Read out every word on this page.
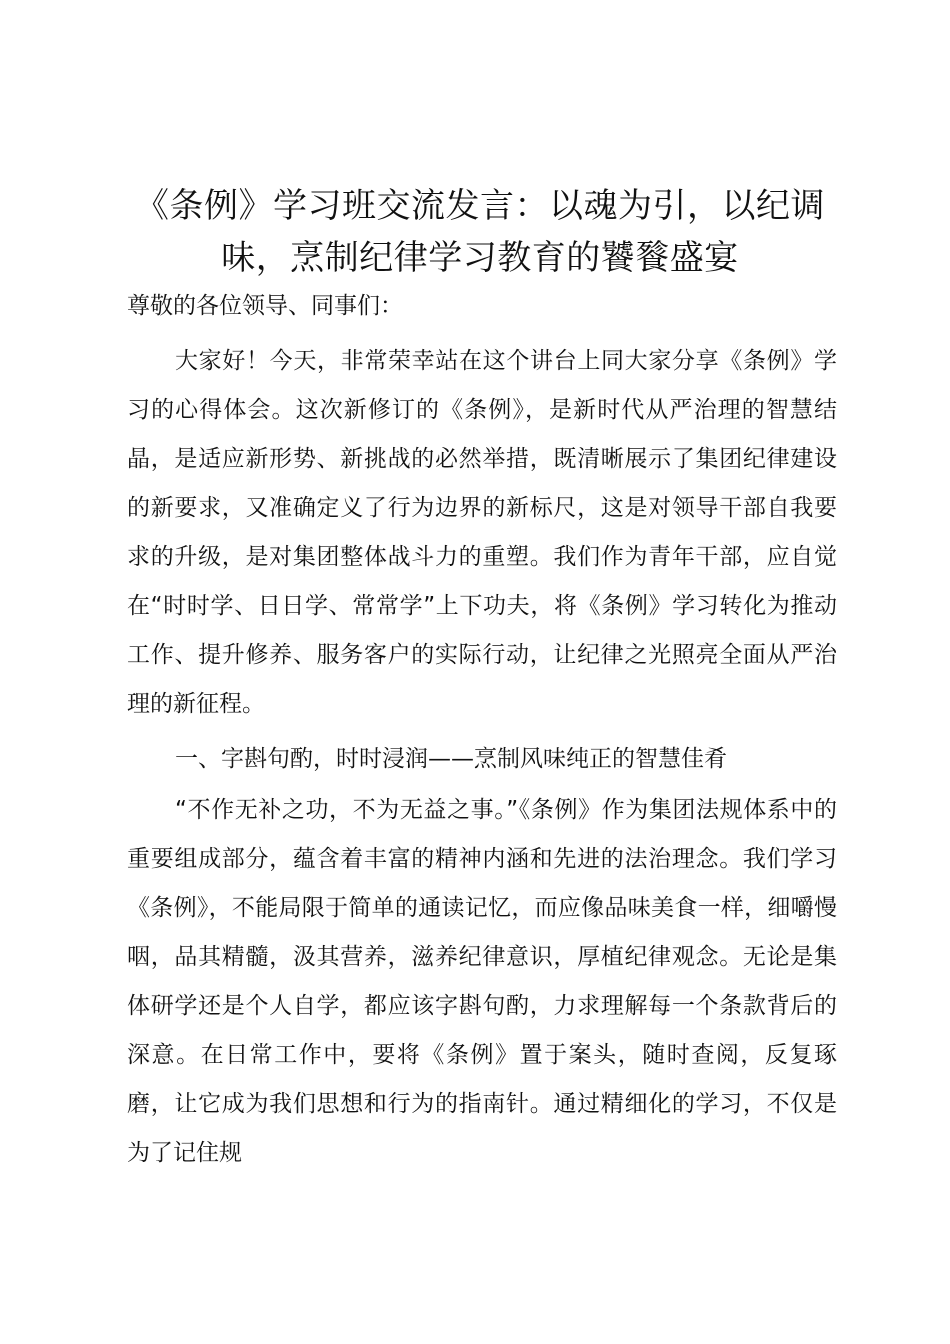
《条例》学习班交流发言：以魂为引，以纪调
味，烹制纪律学习教育的饕餮盛宴

尊敬的各位领导、同事们：

大家好！今天，非常荣幸站在这个讲台上同大家分享《条例》学习的心得体会。这次新修订的《条例》，是新时代从严治理的智慧结晶，是适应新形势、新挑战的必然举措，既清晰展示了集团纪律建设的新要求，又准确定义了行为边界的新标尺，这是对领导干部自我要求的升级，是对集团整体战斗力的重塑。我们作为青年干部，应自觉在“时时学、日日学、常常学”上下功夫，将《条例》学习转化为推动工作、提升修养、服务客户的实际行动，让纪律之光照亮全面从严治理的新征程。

一、字斟句酌，时时浸润——烹制风味纯正的智慧佳肴

“不作无补之功，不为无益之事。”《条例》作为集团法规体系中的重要组成部分，蕴含着丰富的精神内涵和先进的法治理念。我们学习《条例》，不能局限于简单的通读记忆，而应像品味美食一样，细嚼慢咽，品其精髓，汲其营养，滋养纪律意识，厚植纪律观念。无论是集体研学还是个人自学，都应该字斟句酌，力求理解每一个条款背后的深意。在日常工作中，要将《条例》置于案头，随时查阅，反复琢磨，让它成为我们思想和行为的指南针。通过精细化的学习，不仅是为了记住规
